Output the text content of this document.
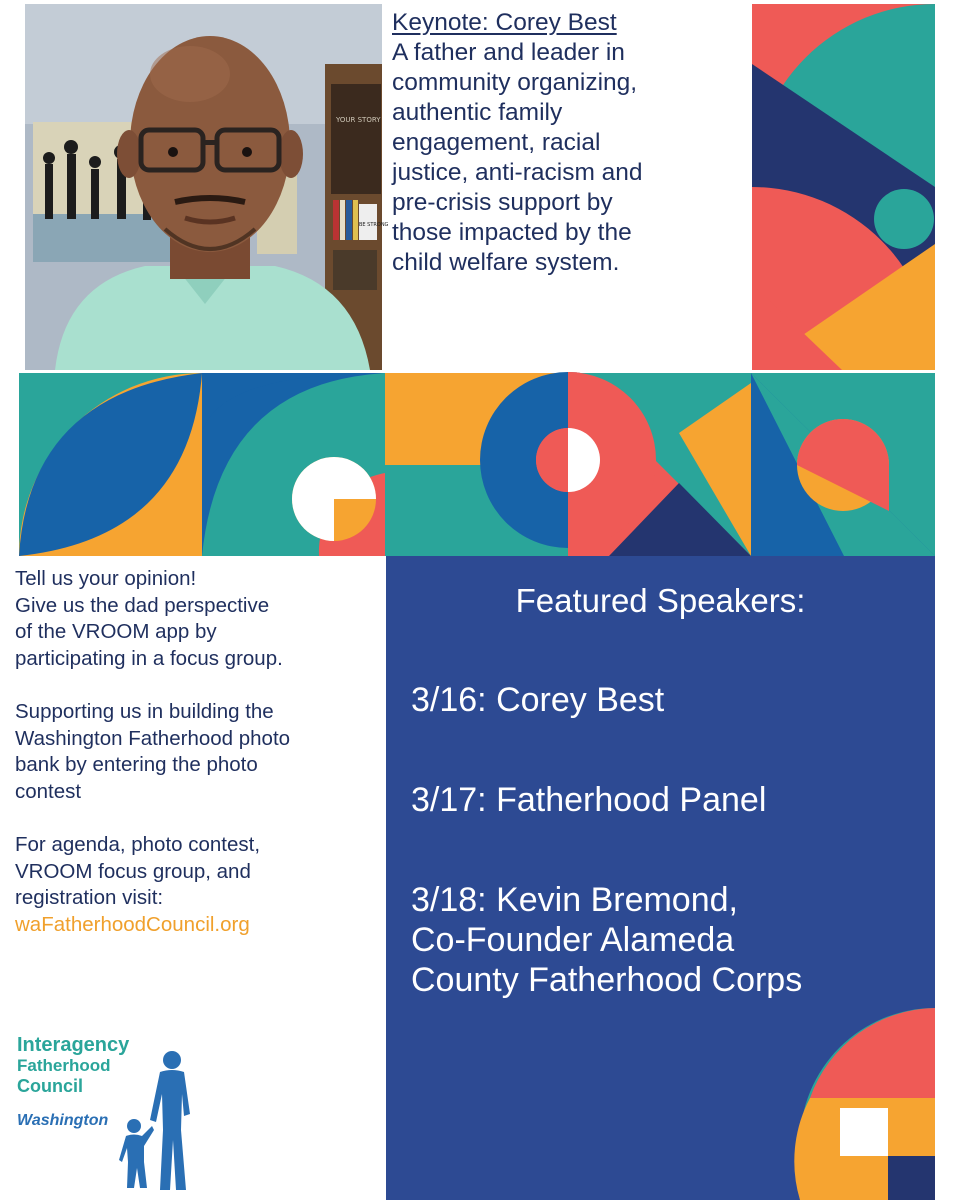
YOUR STORY
BE STRONG
Keynote: Corey Best
A father and leader in
community organizing,
authentic family
engagement, racial
justice, anti-racism and
pre-crisis support by
those impacted by the
child welfare system.

Tell us your opinion!
Give us the dad perspective
of the VROOM app by
participating in a focus group.

Supporting us in building the
Washington Fatherhood photo
bank by entering the photo
contest

For agenda, photo contest,
VROOM focus group, and
registration visit:
waFatherhoodCouncil.org

Interagency
Fatherhood
Council
Washington
Featured Speakers:
3/16: Corey Best
3/17: Fatherhood Panel
3/18: Kevin Bremond,
Co-Founder Alameda
County Fatherhood Corps
